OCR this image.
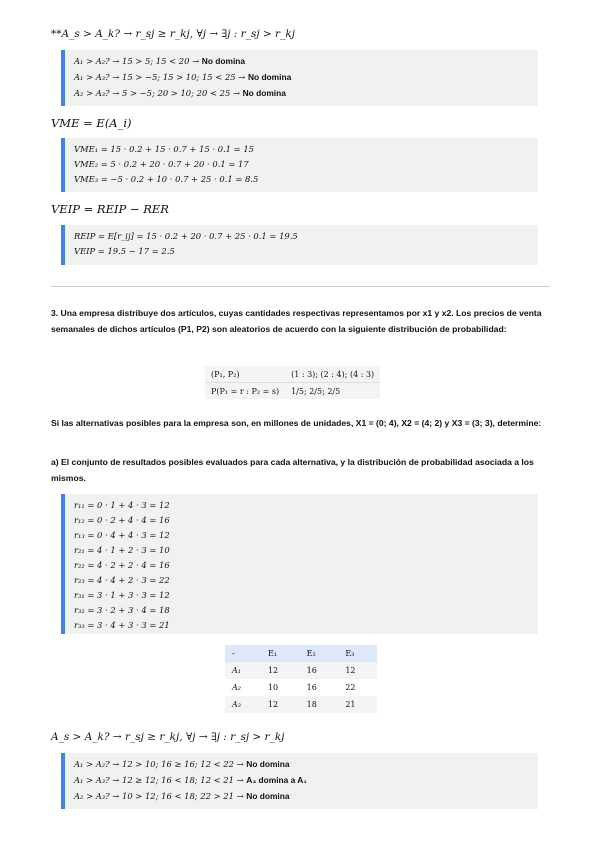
**A_s > A_k? → r_sj ≥ r_kj, ∀j → ∃j : r_sj > r_kj
A₁ > A₂? → 15 > 5; 15 < 20 → No domina
A₁ > A₃? → 15 > −5; 15 > 10; 15 < 25 → No domina
A₂ > A₃? → 5 > −5; 20 > 10; 20 < 25 → No domina
VME = E(A_i)
VME₁ = 15 · 0.2 + 15 · 0.7 + 15 · 0.1 = 15
VME₂ = 5 · 0.2 + 20 · 0.7 + 20 · 0.1 = 17
VME₃ = −5 · 0.2 + 10 · 0.7 + 25 · 0.1 = 8.5
VEIP = REIP − RER
REIP = E[r_ij] = 15 · 0.2 + 20 · 0.7 + 25 · 0.1 = 19.5
VEIP = 19.5 − 17 = 2.5
3. Una empresa distribuye dos artículos, cuyas cantidades respectivas representamos por x1 y x2. Los precios de venta semanales de dichos artículos (P1, P2) son aleatorios de acuerdo con la siguiente distribución de probabilidad:
(P₁, P₂)	(1 : 3); (2 : 4); (4 : 3)
P(P₁ = r : P₂ = s)	1/5; 2/5; 2/5
Si las alternativas posibles para la empresa son, en millones de unidades, X1 = (0; 4), X2 = (4; 2) y X3 = (3; 3), determine:
a) El conjunto de resultados posibles evaluados para cada alternativa, y la distribución de probabilidad asociada a los mismos.
r₁₁ = 0 · 1 + 4 · 3 = 12
r₁₂ = 0 · 2 + 4 · 4 = 16
r₁₃ = 0 · 4 + 4 · 3 = 12
r₂₁ = 4 · 1 + 2 · 3 = 10
r₂₂ = 4 · 2 + 2 · 4 = 16
r₂₃ = 4 · 4 + 2 · 3 = 22
r₃₁ = 3 · 1 + 3 · 3 = 12
r₃₂ = 3 · 2 + 3 · 4 = 18
r₃₃ = 3 · 4 + 3 · 3 = 21
-	E₁	E₂	E₃
A₁	12	16	12
A₂	10	16	22
A₃	12	18	21
A_s > A_k? → r_sj ≥ r_kj, ∀j → ∃j : r_sj > r_kj
A₁ > A₂? → 12 > 10; 16 ≥ 16; 12 < 22 → No domina
A₁ > A₃? → 12 ≥ 12; 16 < 18; 12 < 21 → A₃ domina a A₁
A₂ > A₃? → 10 > 12; 16 < 18; 22 > 21 → No domina
